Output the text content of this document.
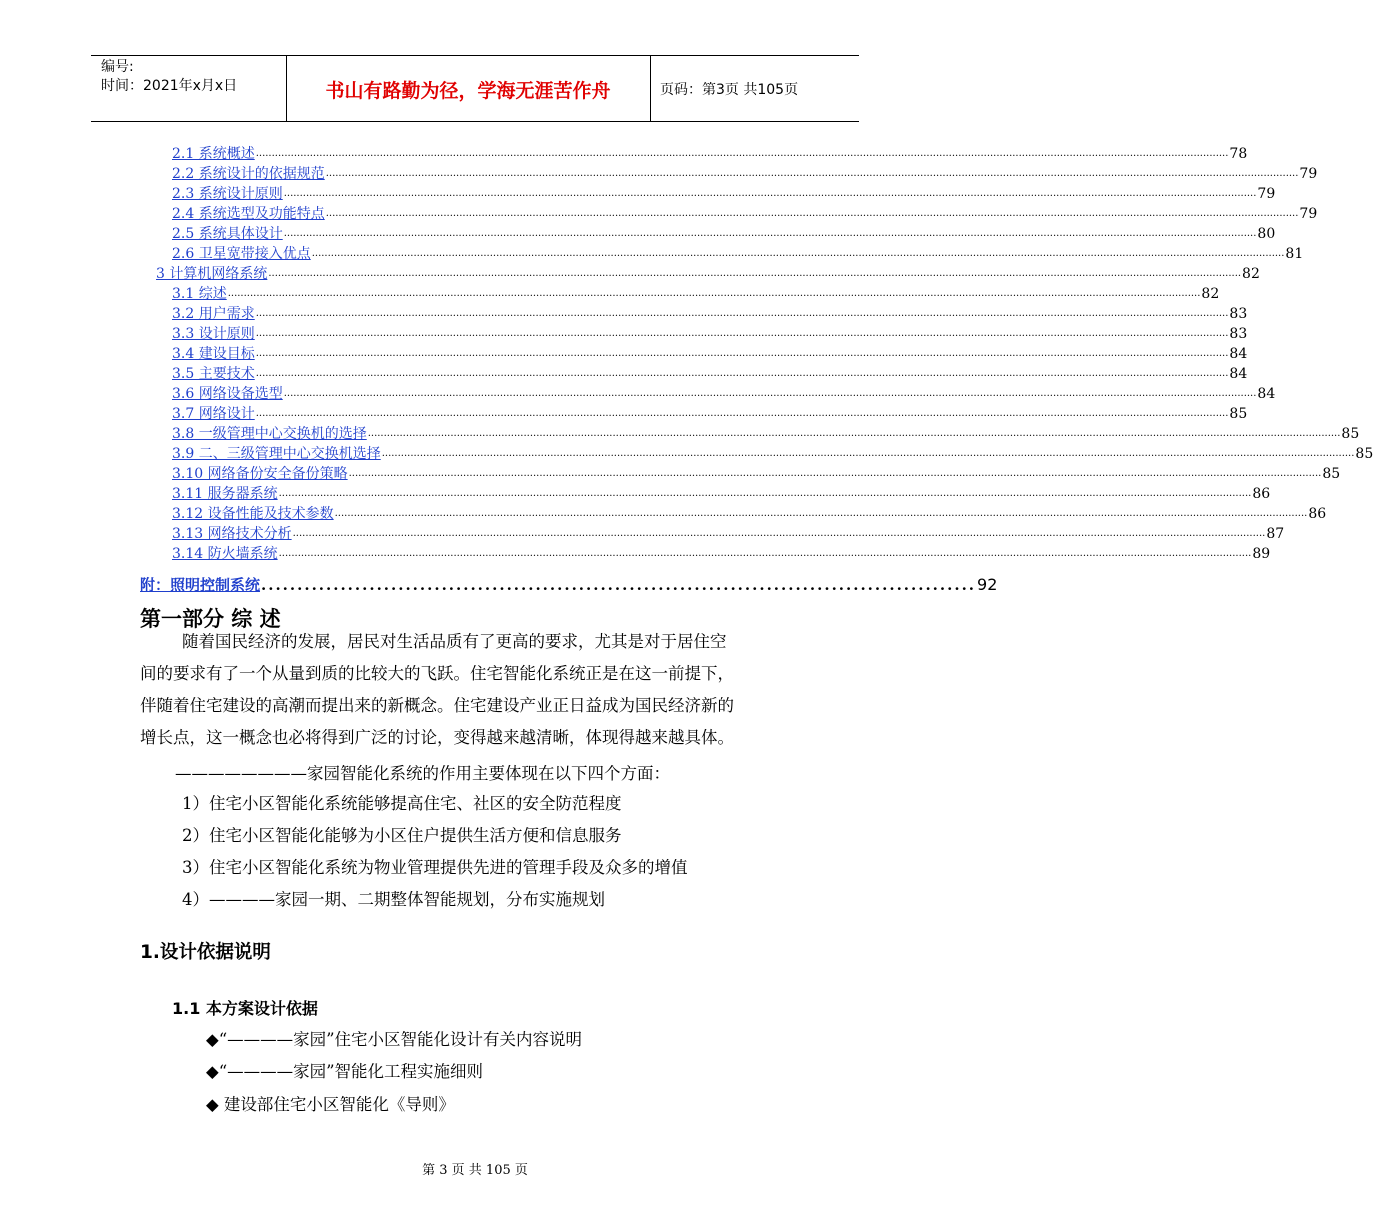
编号:
时间：2021年x月x日	书山有路勤为径，学海无涯苦作舟	页码：第3页 共105页
2.1 系统概述 .................................................................................................................................................................................................................................................................................................................. 78
2.2 系统设计的依据规范 .................................................................................................................................................................................................................................................................................................................. 79
2.3 系统设计原则 .................................................................................................................................................................................................................................................................................................................. 79
2.4 系统选型及功能特点 .................................................................................................................................................................................................................................................................................................................. 79
2.5 系统具体设计 .................................................................................................................................................................................................................................................................................................................. 80
2.6 卫星宽带接入优点 .................................................................................................................................................................................................................................................................................................................. 81
3 计算机网络系统 .................................................................................................................................................................................................................................................................................................................. 82
3.1 综述 .................................................................................................................................................................................................................................................................................................................. 82
3.2 用户需求 .................................................................................................................................................................................................................................................................................................................. 83
3.3 设计原则 .................................................................................................................................................................................................................................................................................................................. 83
3.4 建设目标 .................................................................................................................................................................................................................................................................................................................. 84
3.5 主要技术 .................................................................................................................................................................................................................................................................................................................. 84
3.6 网络设备选型 .................................................................................................................................................................................................................................................................................................................. 84
3.7 网络设计 .................................................................................................................................................................................................................................................................................................................. 85
3.8 一级管理中心交换机的选择 .................................................................................................................................................................................................................................................................................................................. 85
3.9 二、三级管理中心交换机选择 .................................................................................................................................................................................................................................................................................................................. 85
3.10 网络备份安全备份策略 .................................................................................................................................................................................................................................................................................................................. 85
3.11 服务器系统 .................................................................................................................................................................................................................................................................................................................. 86
3.12 设备性能及技术参数 .................................................................................................................................................................................................................................................................................................................. 86
3.13 网络技术分析 .................................................................................................................................................................................................................................................................................................................. 87
3.14 防火墙系统 .................................................................................................................................................................................................................................................................................................................. 89
附：照明控制系统 ................................................................................................... 92
第一部分 综 述
随着国民经济的发展，居民对生活品质有了更高的要求，尤其是对于居住空
间的要求有了一个从量到质的比较大的飞跃。住宅智能化系统正是在这一前提下，
伴随着住宅建设的高潮而提出来的新概念。住宅建设产业正日益成为国民经济新的
增长点，这一概念也必将得到广泛的讨论，变得越来越清晰，体现得越来越具体。
————————家园智能化系统的作用主要体现在以下四个方面：
1）住宅小区智能化系统能够提高住宅、社区的安全防范程度
2）住宅小区智能化能够为小区住户提供生活方便和信息服务
3）住宅小区智能化系统为物业管理提供先进的管理手段及众多的增值
4）————家园一期、二期整体智能规划，分布实施规划
1.设计依据说明
1.1 本方案设计依据
◆“————家园”住宅小区智能化设计有关内容说明
◆“————家园”智能化工程实施细则
◆ 建设部住宅小区智能化《导则》
第 3 页 共 105 页
